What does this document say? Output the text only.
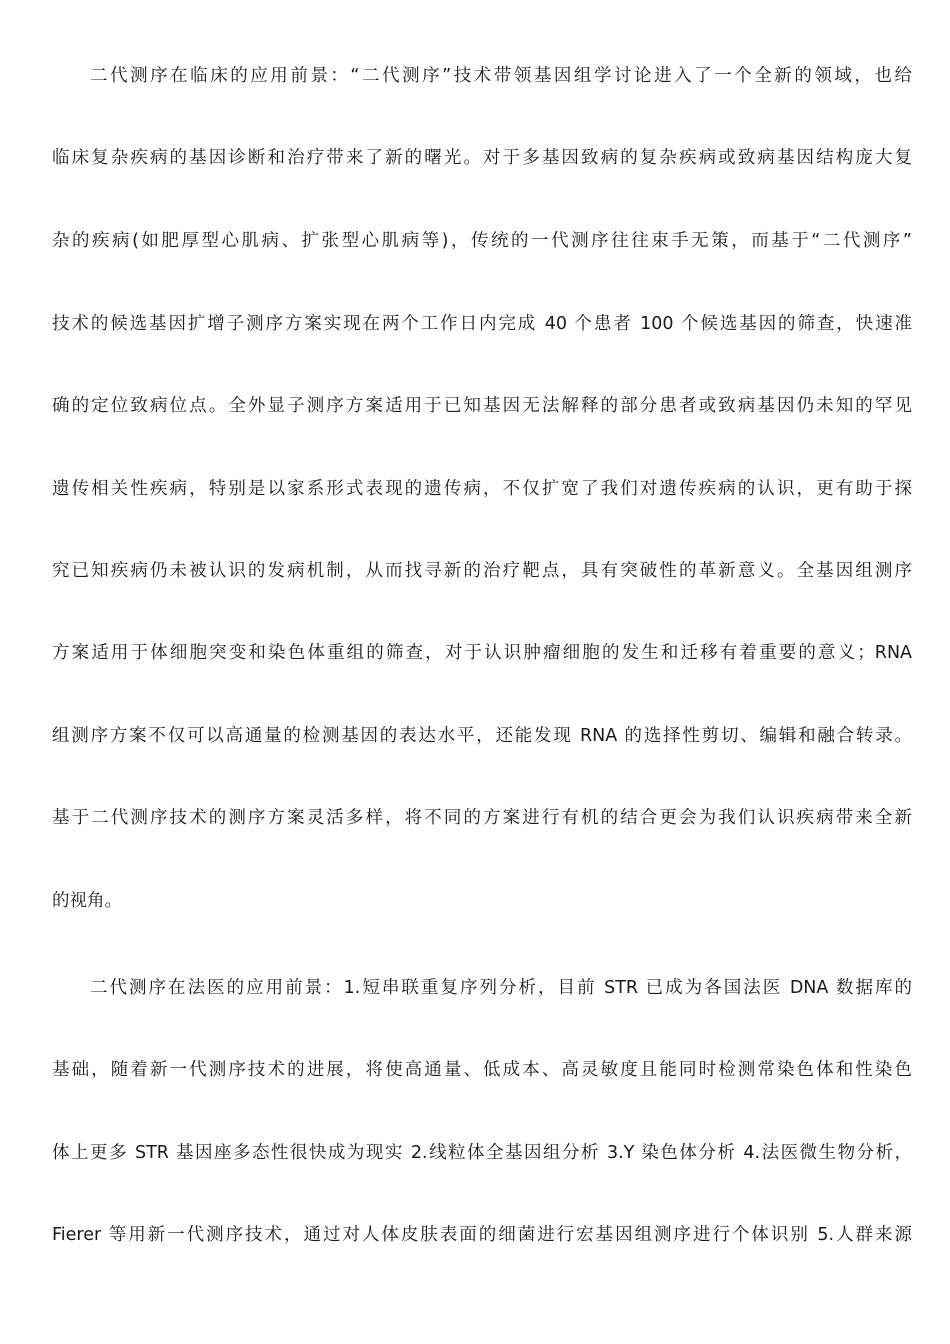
二代测序在临床的应用前景：“二代测序”技术带领基因组学讨论进入了一个全新的领域，也给
临床复杂疾病的基因诊断和治疗带来了新的曙光。对于多基因致病的复杂疾病或致病基因结构庞大复
杂的疾病(如肥厚型心肌病、扩张型心肌病等)，传统的一代测序往往束手无策，而基于“二代测序”
技术的候选基因扩增子测序方案实现在两个工作日内完成 40 个患者 100 个候选基因的筛查，快速准
确的定位致病位点。全外显子测序方案适用于已知基因无法解释的部分患者或致病基因仍未知的罕见
遗传相关性疾病，特别是以家系形式表现的遗传病，不仅扩宽了我们对遗传疾病的认识，更有助于探
究已知疾病仍未被认识的发病机制，从而找寻新的治疗靶点，具有突破性的革新意义。全基因组测序
方案适用于体细胞突变和染色体重组的筛查，对于认识肿瘤细胞的发生和迁移有着重要的意义；RNA
组测序方案不仅可以高通量的检测基因的表达水平，还能发现 RNA 的选择性剪切、编辑和融合转录。
基于二代测序技术的测序方案灵活多样，将不同的方案进行有机的结合更会为我们认识疾病带来全新
的视角。
二代测序在法医的应用前景：1.短串联重复序列分析，目前 STR 已成为各国法医 DNA 数据库的
基础，随着新一代测序技术的进展，将使高通量、低成本、高灵敏度且能同时检测常染色体和性染色
体上更多 STR 基因座多态性很快成为现实 2.线粒体全基因组分析 3.Y 染色体分析 4.法医微生物分析，
Fierer 等用新一代测序技术，通过对人体皮肤表面的细菌进行宏基因组测序进行个体识别 5.人群来源
